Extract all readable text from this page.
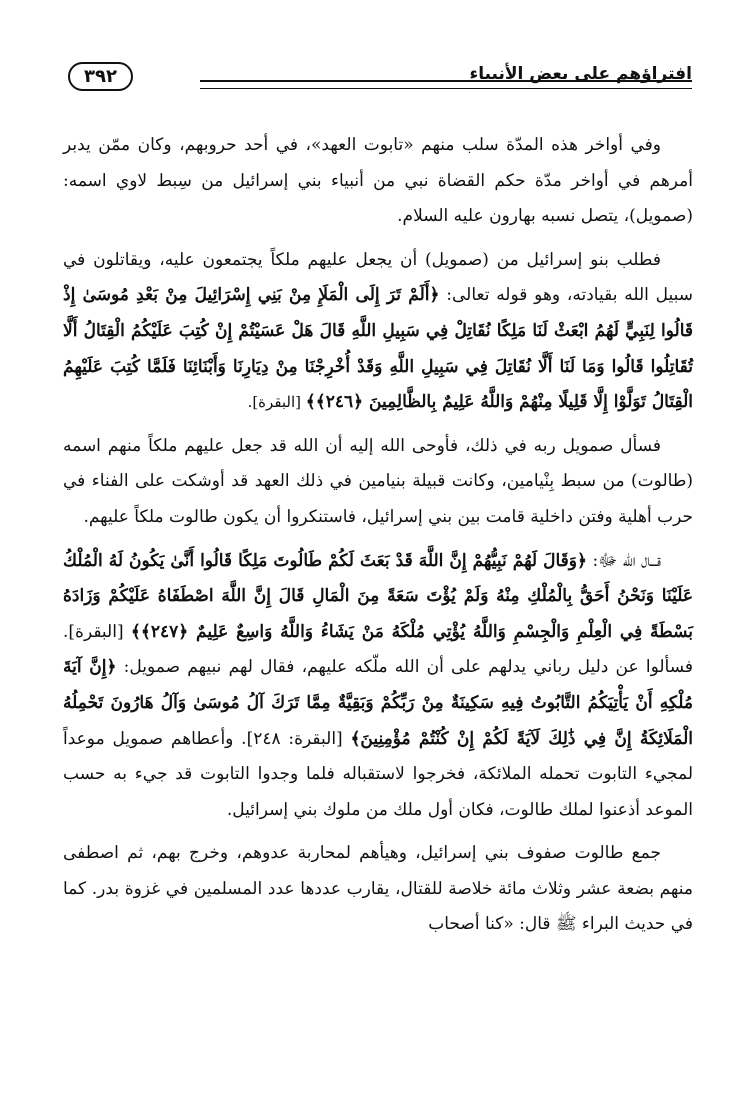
٣٩٢	افتراؤهم على بعض الأنبياء

وفي أواخر هذه المدّة سلب منهم «تابوت العهد»، في أحد حروبهم، وكان ممّن يدبر أمرهم في أواخر مدّة حكم القضاة نبي من أنبياء بني إسرائيل من سِبط لاوي اسمه: (صمويل)، يتصل نسبه بهارون عليه السلام.

فطلب بنو إسرائيل من (صمويل) أن يجعل عليهم ملكاً يجتمعون عليه، ويقاتلون في سبيل الله بقيادته، وهو قوله تعالى: ﴿أَلَمْ تَرَ إِلَى الْمَلَإِ مِنْ بَنِي إِسْرَائِيلَ مِنْ بَعْدِ مُوسَىٰ إِذْ قَالُوا لِنَبِيٍّ لَهُمُ ابْعَثْ لَنَا مَلِكًا نُقَاتِلْ فِي سَبِيلِ اللَّهِ قَالَ هَلْ عَسَيْتُمْ إِنْ كُتِبَ عَلَيْكُمُ الْقِتَالُ أَلَّا تُقَاتِلُوا قَالُوا وَمَا لَنَا أَلَّا نُقَاتِلَ فِي سَبِيلِ اللَّهِ وَقَدْ أُخْرِجْنَا مِنْ دِيَارِنَا وَأَبْنَائِنَا فَلَمَّا كُتِبَ عَلَيْهِمُ الْقِتَالُ تَوَلَّوْا إِلَّا قَلِيلًا مِنْهُمْ وَاللَّهُ عَلِيمٌ بِالظَّالِمِينَ ﴿٢٤٦﴾﴾ [البقرة].

فسأل صمويل ربه في ذلك، فأوحى الله إليه أن الله قد جعل عليهم ملكاً منهم اسمه (طالوت) من سبط بِنْيامين، وكانت قبيلة بنيامين في ذلك العهد قد أوشكت على الفناء في حرب أهلية وفتن داخلية قامت بين بني إسرائيل، فاستنكروا أن يكون طالوت ملكاً عليهم.

قـــال الله ﷻ: ﴿وَقَالَ لَهُمْ نَبِيُّهُمْ إِنَّ اللَّهَ قَدْ بَعَثَ لَكُمْ طَالُوتَ مَلِكًا قَالُوا أَنَّىٰ يَكُونُ لَهُ الْمُلْكُ عَلَيْنَا وَنَحْنُ أَحَقُّ بِالْمُلْكِ مِنْهُ وَلَمْ يُؤْتَ سَعَةً مِنَ الْمَالِ قَالَ إِنَّ اللَّهَ اصْطَفَاهُ عَلَيْكُمْ وَزَادَهُ بَسْطَةً فِي الْعِلْمِ وَالْجِسْمِ وَاللَّهُ يُؤْتِي مُلْكَهُ مَنْ يَشَاءُ وَاللَّهُ وَاسِعٌ عَلِيمٌ ﴿٢٤٧﴾﴾ [البقرة]. فسألوا عن دليل رباني يدلهم على أن الله ملّكه عليهم، فقال لهم نبيهم صمويل: ﴿إِنَّ آيَةَ مُلْكِهِ أَنْ يَأْتِيَكُمُ التَّابُوتُ فِيهِ سَكِينَةٌ مِنْ رَبِّكُمْ وَبَقِيَّةٌ مِمَّا تَرَكَ آلُ مُوسَىٰ وَآلُ هَارُونَ تَحْمِلُهُ الْمَلَائِكَةُ إِنَّ فِي ذَٰلِكَ لَآيَةً لَكُمْ إِنْ كُنْتُمْ مُؤْمِنِينَ﴾ [البقرة: ٢٤٨]. وأعطاهم صمويل موعداً لمجيء التابوت تحمله الملائكة، فخرجوا لاستقباله فلما وجدوا التابوت قد جيء به حسب الموعد أذعنوا لملك طالوت، فكان أول ملك من ملوك بني إسرائيل.

جمع طالوت صفوف بني إسرائيل، وهيأهم لمحاربة عدوهم، وخرج بهم، ثم اصطفى منهم بضعة عشر وثلاث مائة خلاصة للقتال، يقارب عددها عدد المسلمين في غزوة بدر. كما في حديث البراء ﷺ قال: «كنا أصحاب
